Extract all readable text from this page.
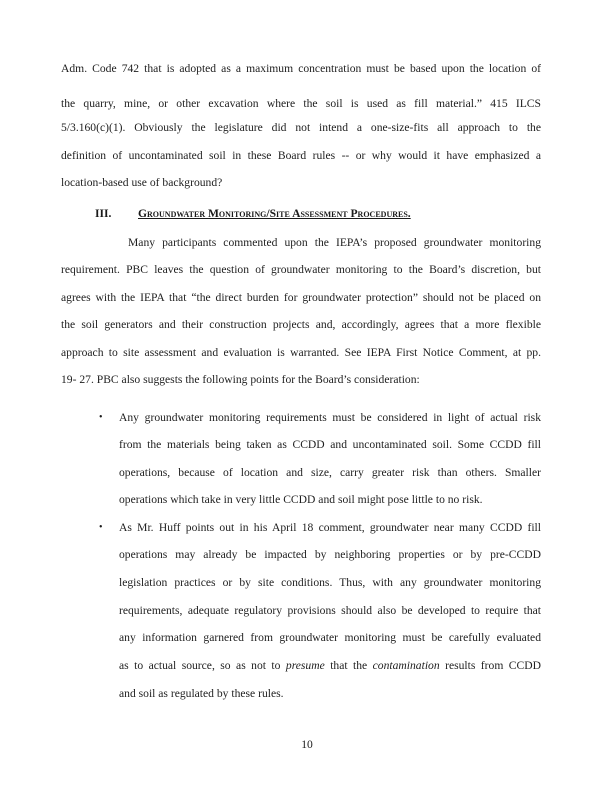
Adm. Code 742 that is adopted as a maximum concentration must be based upon the location of
the quarry, mine, or other excavation where the soil is used as fill material.” 415 ILCS
5/3.160(c)(1). Obviously the legislature did not intend a one-size-fits all approach to the
definition of uncontaminated soil in these Board rules -- or why would it have emphasized a
location-based use of background?
III. Groundwater Monitoring/Site Assessment Procedures.
Many participants commented upon the IEPA’s proposed groundwater monitoring
requirement. PBC leaves the question of groundwater monitoring to the Board’s discretion, but
agrees with the IEPA that “the direct burden for groundwater protection” should not be placed on
the soil generators and their construction projects and, accordingly, agrees that a more flexible
approach to site assessment and evaluation is warranted. See IEPA First Notice Comment, at pp.
19- 27. PBC also suggests the following points for the Board’s consideration:
• Any groundwater monitoring requirements must be considered in light of actual risk
from the materials being taken as CCDD and uncontaminated soil. Some CCDD fill
operations, because of location and size, carry greater risk than others. Smaller
operations which take in very little CCDD and soil might pose little to no risk.
• As Mr. Huff points out in his April 18 comment, groundwater near many CCDD fill
operations may already be impacted by neighboring properties or by pre-CCDD
legislation practices or by site conditions. Thus, with any groundwater monitoring
requirements, adequate regulatory provisions should also be developed to require that
any information garnered from groundwater monitoring must be carefully evaluated
as to actual source, so as not to presume that the contamination results from CCDD
and soil as regulated by these rules.
10
